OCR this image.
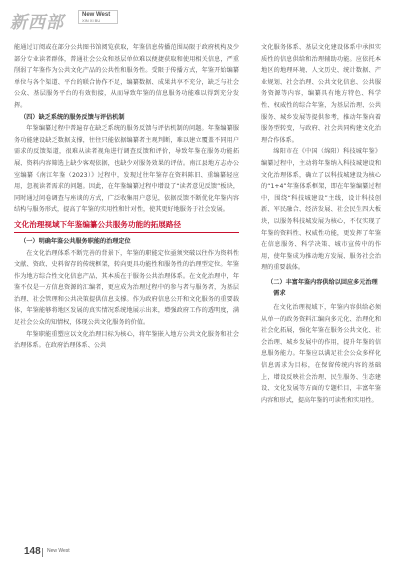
新西部	New West
XIN XI BU

能通过订阅或在部分公共图书馆阅览获取，年鉴信息传播范围局限于政府机构及少部分专业读者群体，普通社会公众和基层单位难以便捷获取和使用相关信息，严重削弱了年鉴作为公共文化产品的公共性和服务性。受限于传播方式，年鉴开始编纂单位与各个渠道、平台的联合协作不足，编纂数据、成果共享不充分，缺乏与社会公众、基层服务平台的有效衔接，从而导致年鉴的信息服务功能难以得到充分发挥。

（四）缺乏系统的服务反馈与评估机制

年鉴编纂过程中普遍存在缺乏系统的服务反馈与评估机制的问题。年鉴编纂服务功能建设缺乏数据支撑，往往只能依据编纂者主观判断，难以建立覆盖不同用户需求的反馈渠道，很难从读者视角进行调查反馈和评价，导致年鉴在服务功能拓展、资料内容筛选上缺少客观依据，也缺少对服务效果的评估。南江县地方志办公室编纂《南江年鉴（2023）》过程中，发现过往年鉴存在资料陈旧、重编纂轻应用，忽视读者需求的问题。因此，在年鉴编纂过程中增设了“读者意见反馈”板块，同时通过问卷调查与座谈的方式，广泛收集用户意见，依据反馈不断优化年鉴内容结构与服务形式，提高了年鉴的实用性和针对性，使其更好地服务于社会发展。

文化治理视域下年鉴编纂公共服务功能的拓展路径

（一）明确年鉴公共服务职能的治理定位

在文化治理体系不断完善的背景下，年鉴的职能定位亟须突破以往作为资料性文献、资政、史料留存的传统框架，转向更具功能性和服务性的治理型定位。年鉴作为地方综合性文化信息产品，其本质在于服务公共治理体系。在文化治理中，年鉴不仅是一方信息资源的汇编者，更应成为治理过程中的参与者与服务者，为基层治理、社会管理和公共决策提供信息支撑。作为政府信息公开和文化服务的重要载体，年鉴能够将地区发展的真实情况系统地展示出来，增强政府工作的透明度，满足社会公众的知情权，体现公共文化服务的价值。

年鉴职能重塑应以文化治理目标为核心，将年鉴嵌入地方公共文化服务和社会治理体系。在政府治理体系、公共

文化服务体系、基层文化建设体系中承担实质性的信息供给和治理辅助功能。应依托本地区的地理环境、人文历史、统计数据、产业规划、社会治理、公共文化信息、公共服务资源等内容，编纂具有地方特色、科学性、权威性的综合年鉴，为基层治理、公共服务、城乡发展等提供参考，推动年鉴向着服务型转变，与政府、社会共同构建文化治理合作体系。

绵阳市在《中国（绵阳）科技城年鉴》编纂过程中，主动将年鉴纳入科技城建设和文化治理体系，确立了以科技城建设为核心的“1+4”年鉴体系框架，即在年鉴编纂过程中，围绕“科技城建设”主线，设计科技创新、军民融合、经济发展、社会民生四大板块，以服务科技城发展为核心，不仅实现了年鉴的资料性、权威性功能，更发挥了年鉴在信息服务、科学决策、城市宣传中的作用，使年鉴成为推动地方发展、服务社会治理的重要载体。

（二）丰富年鉴内容供给以回应多元治理需求

在文化治理视域下，年鉴内容供给必须从单一的政务资料汇编向多元化、治理化和社会化拓展，强化年鉴在服务公共文化、社会治理、城乡发展中的作用，提升年鉴的信息服务能力。年鉴应以满足社会公众多样化信息需求为目标，在保留传统内容的基础上，增设反映社会治理、民生服务、生态建设、文化发展等方面的专题栏目，丰富年鉴内容和形式，提高年鉴的可读性和实用性。

148 New West
